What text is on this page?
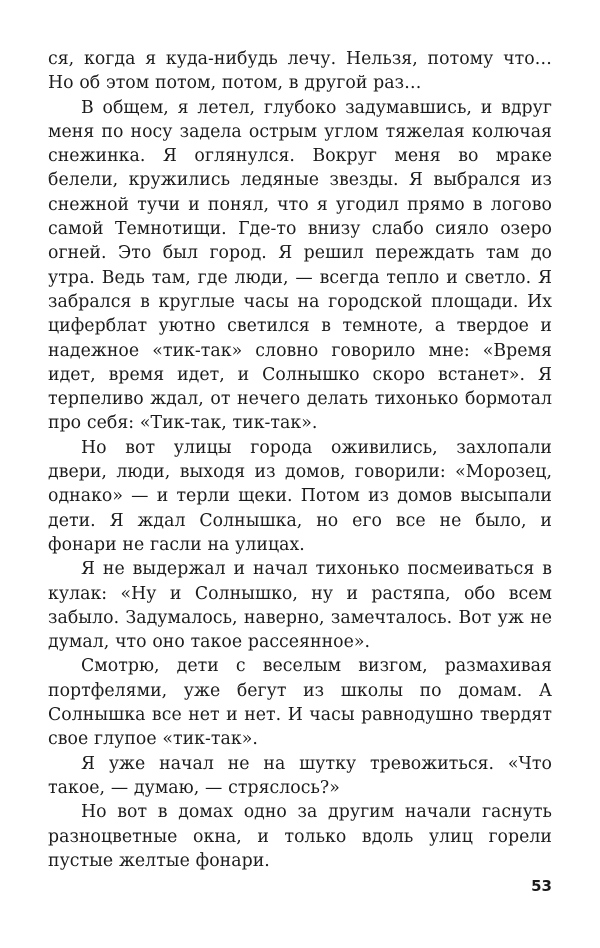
ся, когда я куда-нибудь лечу. Нельзя, потому что… Но об этом потом, потом, в другой раз…

В общем, я летел, глубоко задумавшись, и вдруг меня по носу задела острым углом тяжелая колючая снежинка. Я оглянулся. Вокруг меня во мраке белели, кружились ледяные звезды. Я выбрался из снежной тучи и понял, что я угодил прямо в логово самой Темнотищи. Где-то внизу слабо сияло озеро огней. Это был город. Я решил переждать там до утра. Ведь там, где люди, — всегда тепло и светло. Я забрался в круглые часы на городской площади. Их циферблат уютно светился в темноте, а твердое и надежное «тик-так» словно говорило мне: «Время идет, время идет, и Солнышко скоро встанет». Я терпеливо ждал, от нечего делать тихонько бормотал про себя: «Тик-так, тик-так».

Но вот улицы города оживились, захлопали двери, люди, выходя из домов, говорили: «Морозец, однако» — и терли щеки. Потом из домов высыпали дети. Я ждал Солнышка, но его все не было, и фонари не гасли на улицах.

Я не выдержал и начал тихонько посмеиваться в кулак: «Ну и Солнышко, ну и растяпа, обо всем забыло. Задумалось, наверно, замечталось. Вот уж не думал, что оно такое рассеянное».

Смотрю, дети с веселым визгом, размахивая портфелями, уже бегут из школы по домам. А Солнышка все нет и нет. И часы равнодушно твердят свое глупое «тик-так».

Я уже начал не на шутку тревожиться. «Что такое, — думаю, — стряслось?»

Но вот в домах одно за другим начали гаснуть разноцветные окна, и только вдоль улиц горели пустые желтые фонари.

53
